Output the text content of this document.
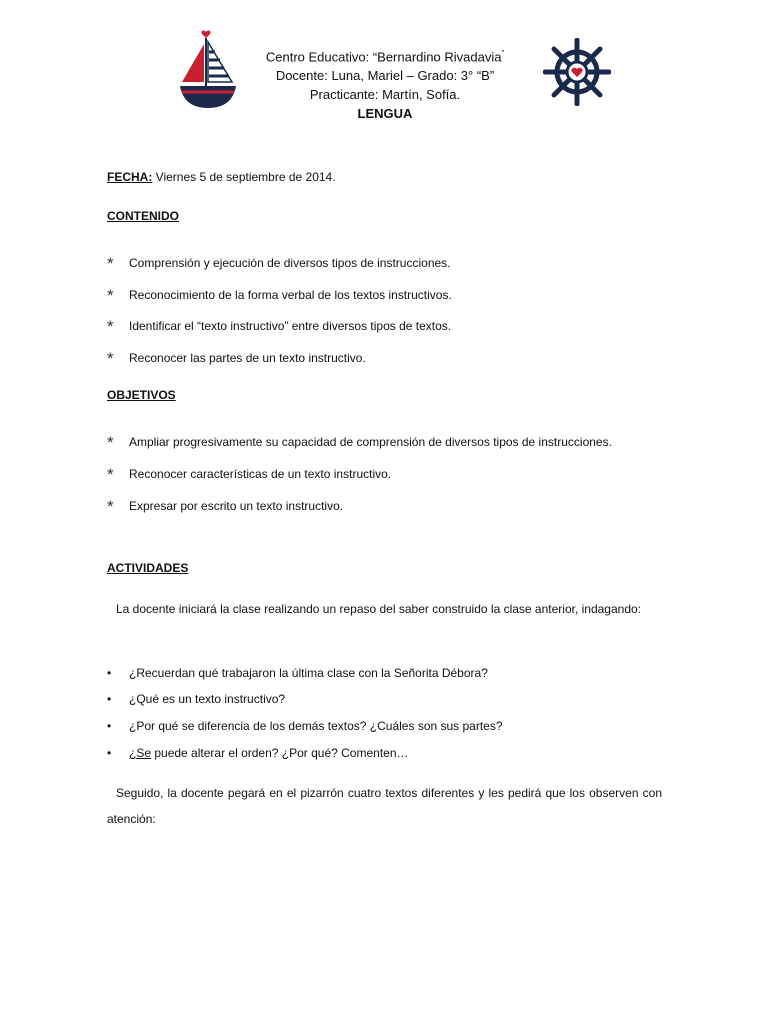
Centro Educativo: “Bernardino Rivadavia”
Docente: Luna, Mariel – Grado: 3° “B”
Practicante: Martín, Sofía.
LENGUA
FECHA: Viernes 5 de septiembre de 2014.
CONTENIDO
* Comprensión y ejecución de diversos tipos de instrucciones.
* Reconocimiento de la forma verbal de los textos instructivos.
* Identificar el “texto instructivo” entre diversos tipos de textos.
* Reconocer las partes de un texto instructivo.
OBJETIVOS
* Ampliar progresivamente su capacidad de comprensión de diversos tipos de instrucciones.
* Reconocer características de un texto instructivo.
* Expresar por escrito un texto instructivo.
ACTIVIDADES
La docente iniciará la clase realizando un repaso del saber construido la clase anterior, indagando:
• ¿Recuerdan qué trabajaron la última clase con la Señorita Débora?
• ¿Qué es un texto instructivo?
• ¿Por qué se diferencia de los demás textos? ¿Cuáles son sus partes?
• ¿Se puede alterar el orden? ¿Por qué? Comenten…
Seguido, la docente pegará en el pizarrón cuatro textos diferentes y les pedirá que los observen con atención:
